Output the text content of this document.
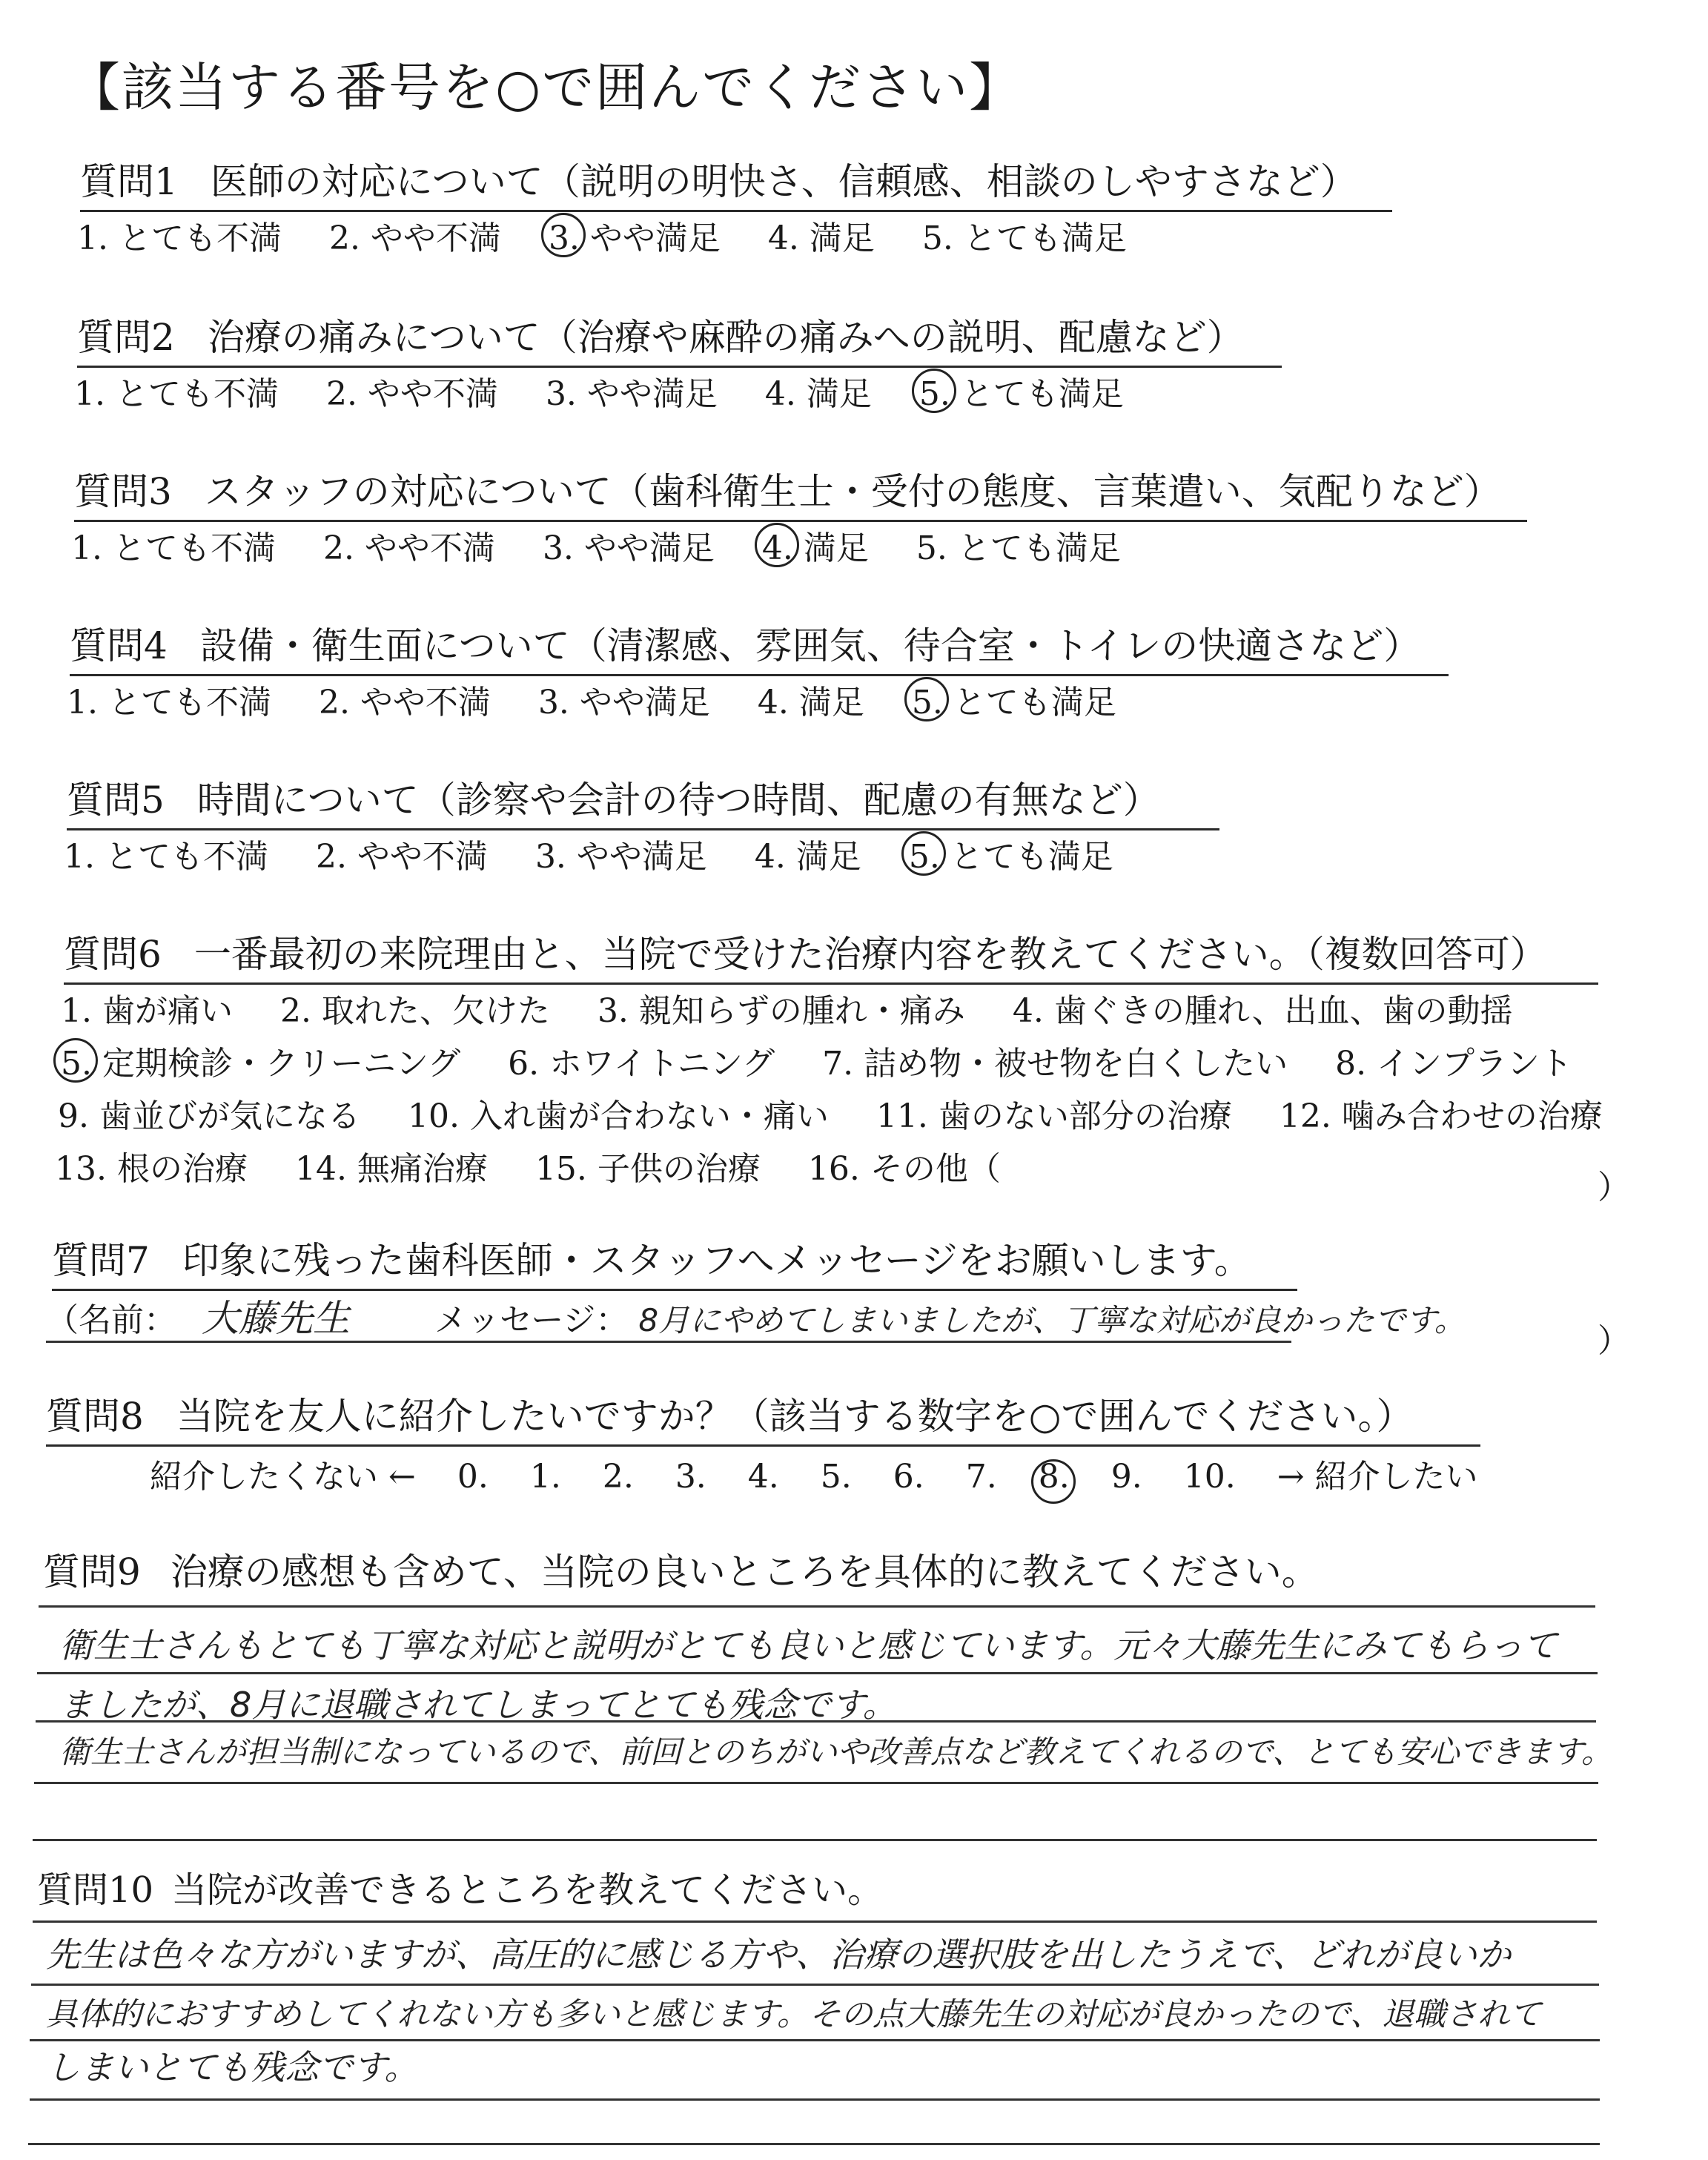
【該当する番号を○で囲んでください】
質問1 医師の対応について（説明の明快さ、信頼感、相談のしやすさなど）
1. とても不満 2. やや不満 3. やや満足 4. 満足 5. とても満足
質問2 治療の痛みについて（治療や麻酔の痛みへの説明、配慮など）
1. とても不満 2. やや不満 3. やや満足 4. 満足 5. とても満足
質問3 スタッフの対応について（歯科衛生士・受付の態度、言葉遣い、気配りなど）
1. とても不満 2. やや不満 3. やや満足 4. 満足 5. とても満足
質問4 設備・衛生面について（清潔感、雰囲気、待合室・トイレの快適さなど）
1. とても不満 2. やや不満 3. やや満足 4. 満足 5. とても満足
質問5 時間について（診察や会計の待つ時間、配慮の有無など）
1. とても不満 2. やや不満 3. やや満足 4. 満足 5. とても満足
質問6 一番最初の来院理由と、当院で受けた治療内容を教えてください。（複数回答可）
1. 歯が痛い 2. 取れた、欠けた 3. 親知らずの腫れ・痛み 4. 歯ぐきの腫れ、出血、歯の動揺
5. 定期検診・クリーニング 6. ホワイトニング 7. 詰め物・被せ物を白くしたい 8. インプラント
9. 歯並びが気になる 10. 入れ歯が合わない・痛い 11. 歯のない部分の治療 12. 噛み合わせの治療
13. 根の治療 14. 無痛治療 15. 子供の治療 16. その他（	）
質問7 印象に残った歯科医師・スタッフへメッセージをお願いします。
（名前： 大藤先生	メッセージ： 8月にやめてしまいましたが、丁寧な対応が良かったです。
）
質問8 当院を友人に紹介したいですか？（該当する数字を○で囲んでください。）
紹介したくない ← 0. 1. 2. 3. 4. 5. 6. 7. 8. 9. 10. → 紹介したい
質問9 治療の感想も含めて、当院の良いところを具体的に教えてください。
衛生士さんもとても丁寧な対応と説明がとても良いと感じています。元々大藤先生にみてもらって
ましたが、8月に退職されてしまってとても残念です。
衛生士さんが担当制になっているので、前回とのちがいや改善点など教えてくれるので、とても安心できます。
質問10 当院が改善できるところを教えてください。
先生は色々な方がいますが、高圧的に感じる方や、治療の選択肢を出したうえで、どれが良いか
具体的におすすめしてくれない方も多いと感じます。その点大藤先生の対応が良かったので、退職されて
しまいとても残念です。
